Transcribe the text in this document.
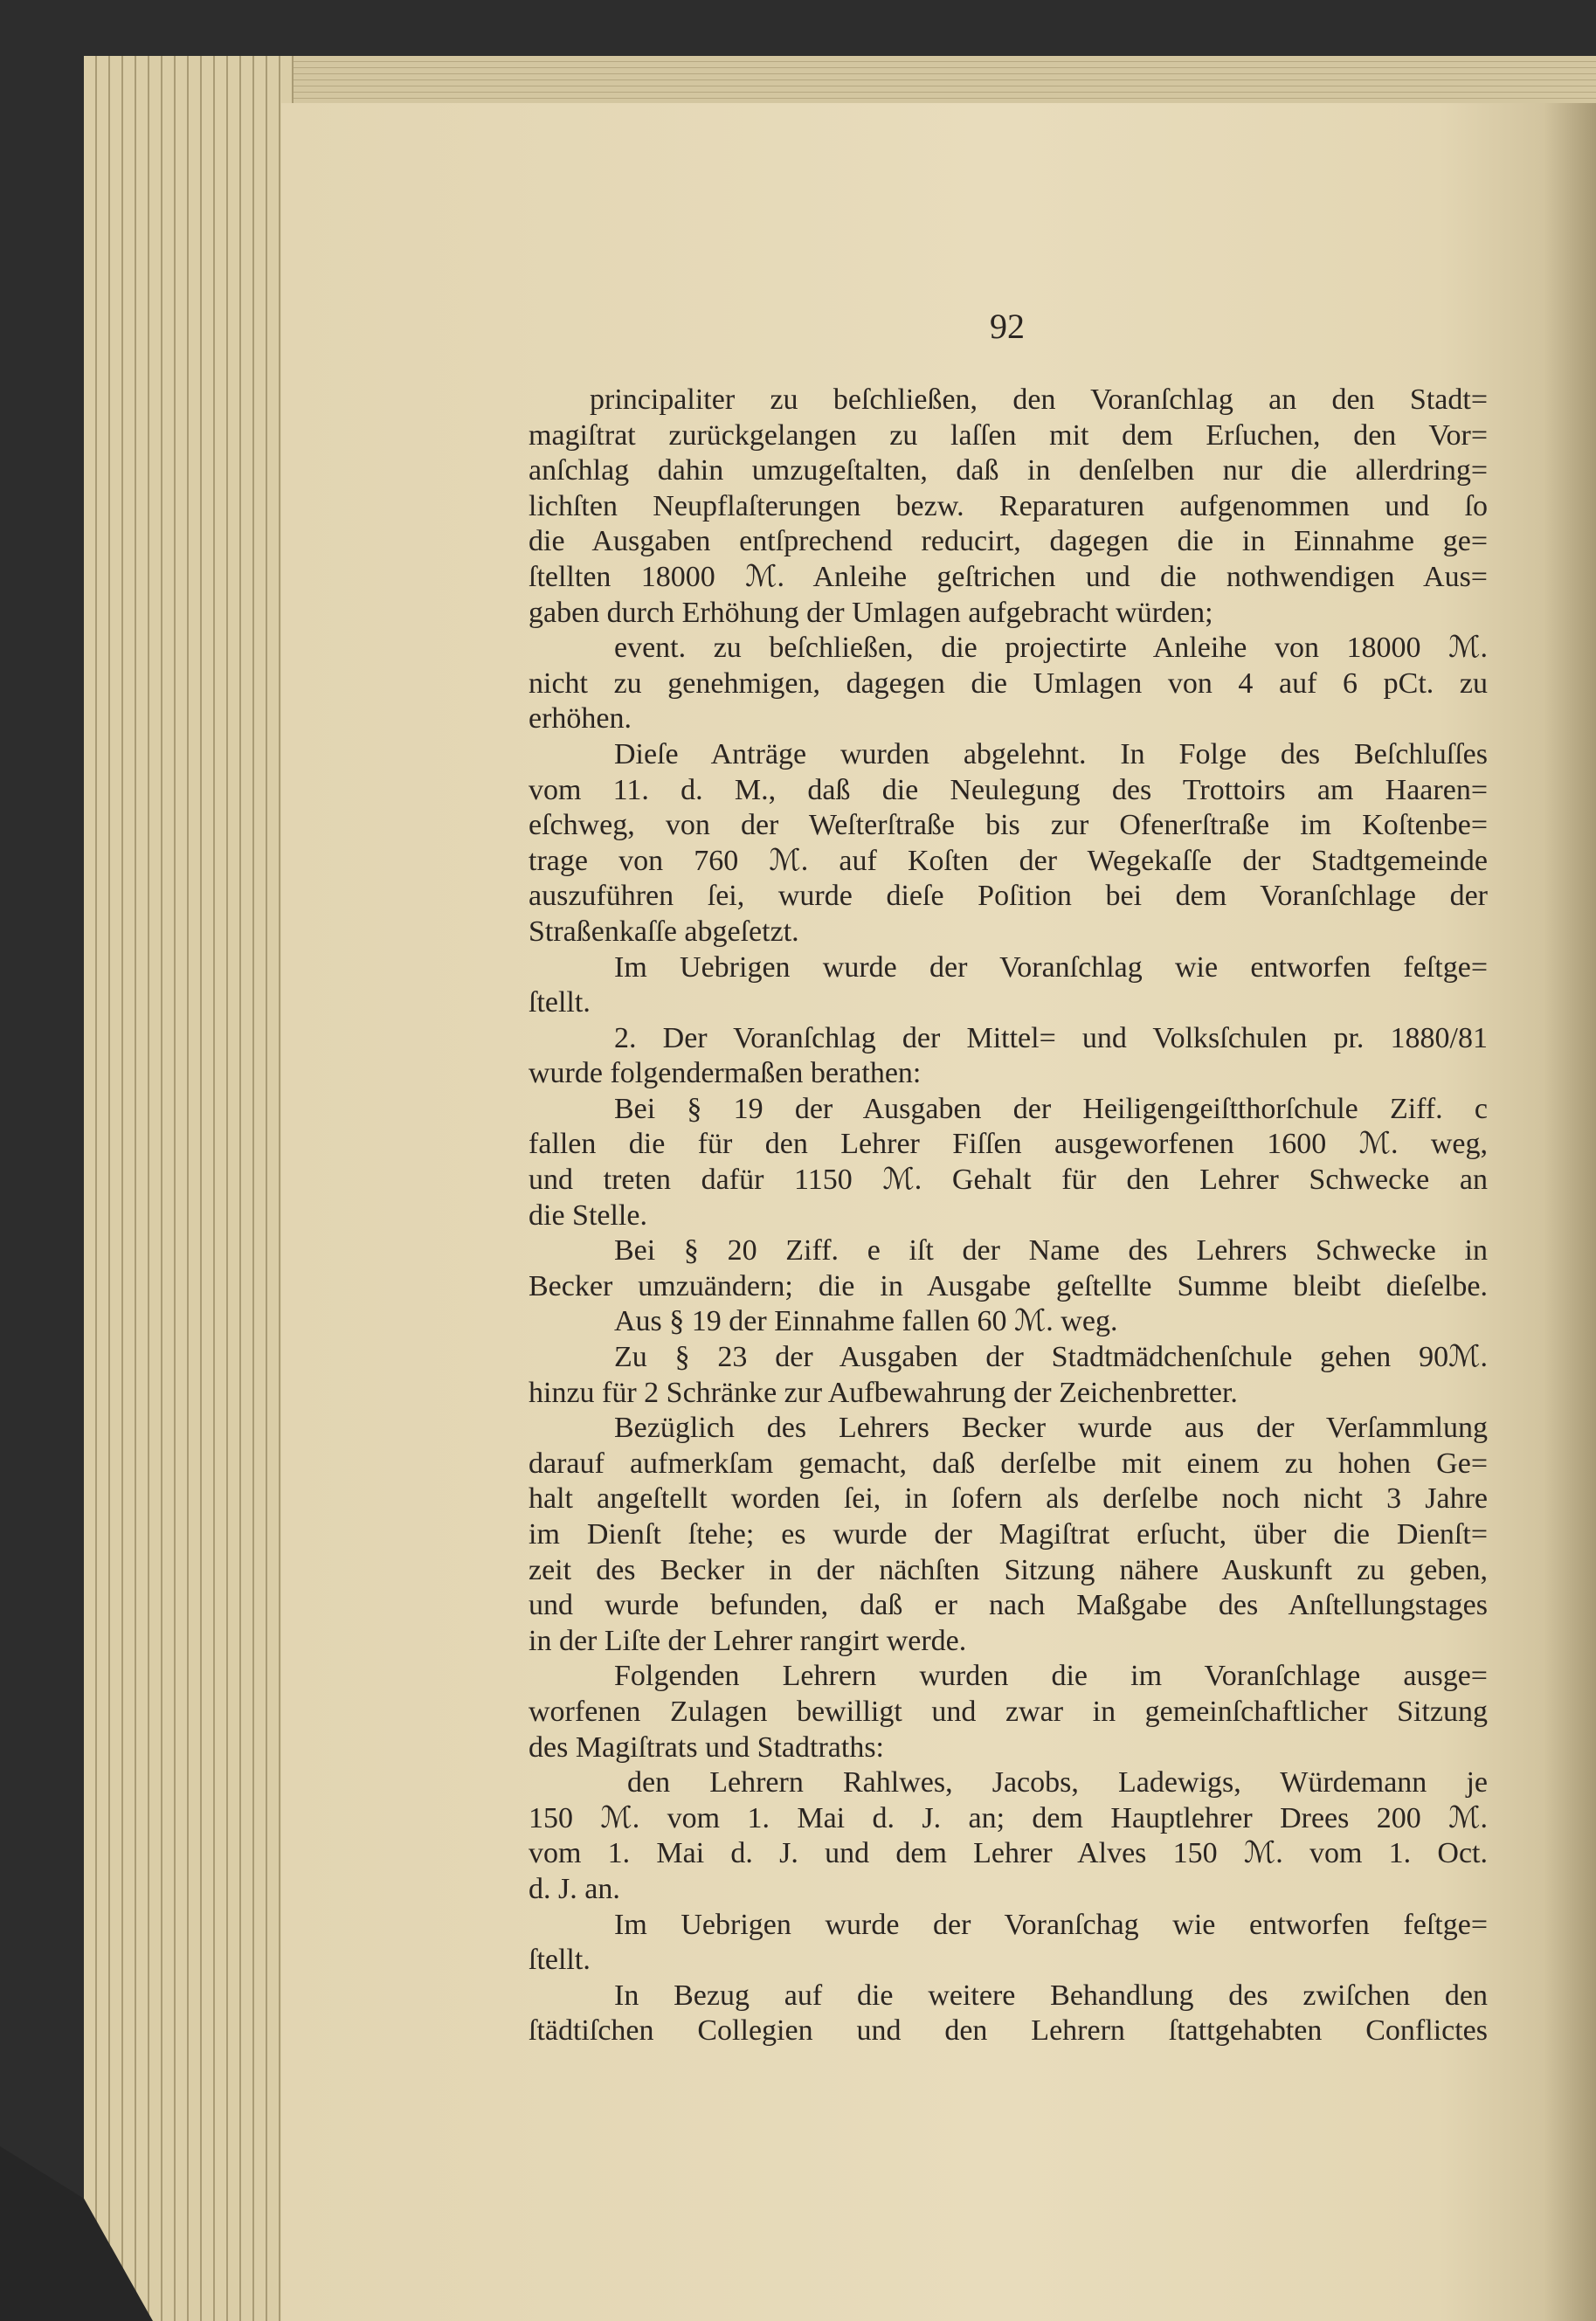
92
principaliter zu beſchließen, den Voranſchlag an den Stadt=
magiſtrat zurückgelangen zu laſſen mit dem Erſuchen, den Vor=
anſchlag dahin umzugeſtalten, daß in denſelben nur die allerdring=
lichſten Neupflaſterungen bezw. Reparaturen aufgenommen und ſo
die Ausgaben entſprechend reducirt, dagegen die in Einnahme ge=
ſtellten 18000 ℳ. Anleihe geſtrichen und die nothwendigen Aus=
gaben durch Erhöhung der Umlagen aufgebracht würden;
event. zu beſchließen, die projectirte Anleihe von 18000 ℳ.
nicht zu genehmigen, dagegen die Umlagen von 4 auf 6 pCt. zu
erhöhen.
Dieſe Anträge wurden abgelehnt. In Folge des Beſchluſſes
vom 11. d. M., daß die Neulegung des Trottoirs am Haaren=
eſchweg, von der Weſterſtraße bis zur Ofenerſtraße im Koſtenbe=
trage von 760 ℳ. auf Koſten der Wegekaſſe der Stadtgemeinde
auszuführen ſei, wurde dieſe Poſition bei dem Voranſchlage der
Straßenkaſſe abgeſetzt.
Im Uebrigen wurde der Voranſchlag wie entworfen feſtge=
ſtellt.
2. Der Voranſchlag der Mittel= und Volksſchulen pr. 1880/81
wurde folgendermaßen berathen:
Bei § 19 der Ausgaben der Heiligengeiſtthorſchule Ziff. c
fallen die für den Lehrer Fiſſen ausgeworfenen 1600 ℳ. weg,
und treten dafür 1150 ℳ. Gehalt für den Lehrer Schwecke an
die Stelle.
Bei § 20 Ziff. e iſt der Name des Lehrers Schwecke in
Becker umzuändern; die in Ausgabe geſtellte Summe bleibt dieſelbe.
Aus § 19 der Einnahme fallen 60 ℳ. weg.
Zu § 23 der Ausgaben der Stadtmädchenſchule gehen 90ℳ.
hinzu für 2 Schränke zur Aufbewahrung der Zeichenbretter.
Bezüglich des Lehrers Becker wurde aus der Verſammlung
darauf aufmerkſam gemacht, daß derſelbe mit einem zu hohen Ge=
halt angeſtellt worden ſei, in ſofern als derſelbe noch nicht 3 Jahre
im Dienſt ſtehe; es wurde der Magiſtrat erſucht, über die Dienſt=
zeit des Becker in der nächſten Sitzung nähere Auskunft zu geben,
und wurde befunden, daß er nach Maßgabe des Anſtellungstages
in der Liſte der Lehrer rangirt werde.
Folgenden Lehrern wurden die im Voranſchlage ausge=
worfenen Zulagen bewilligt und zwar in gemeinſchaftlicher Sitzung
des Magiſtrats und Stadtraths:
den Lehrern Rahlwes, Jacobs, Ladewigs, Würdemann je
150 ℳ. vom 1. Mai d. J. an; dem Hauptlehrer Drees 200 ℳ.
vom 1. Mai d. J. und dem Lehrer Alves 150 ℳ. vom 1. Oct.
d. J. an.
Im Uebrigen wurde der Voranſchag wie entworfen feſtge=
ſtellt.
In Bezug auf die weitere Behandlung des zwiſchen den
ſtädtiſchen Collegien und den Lehrern ſtattgehabten Conflictes
